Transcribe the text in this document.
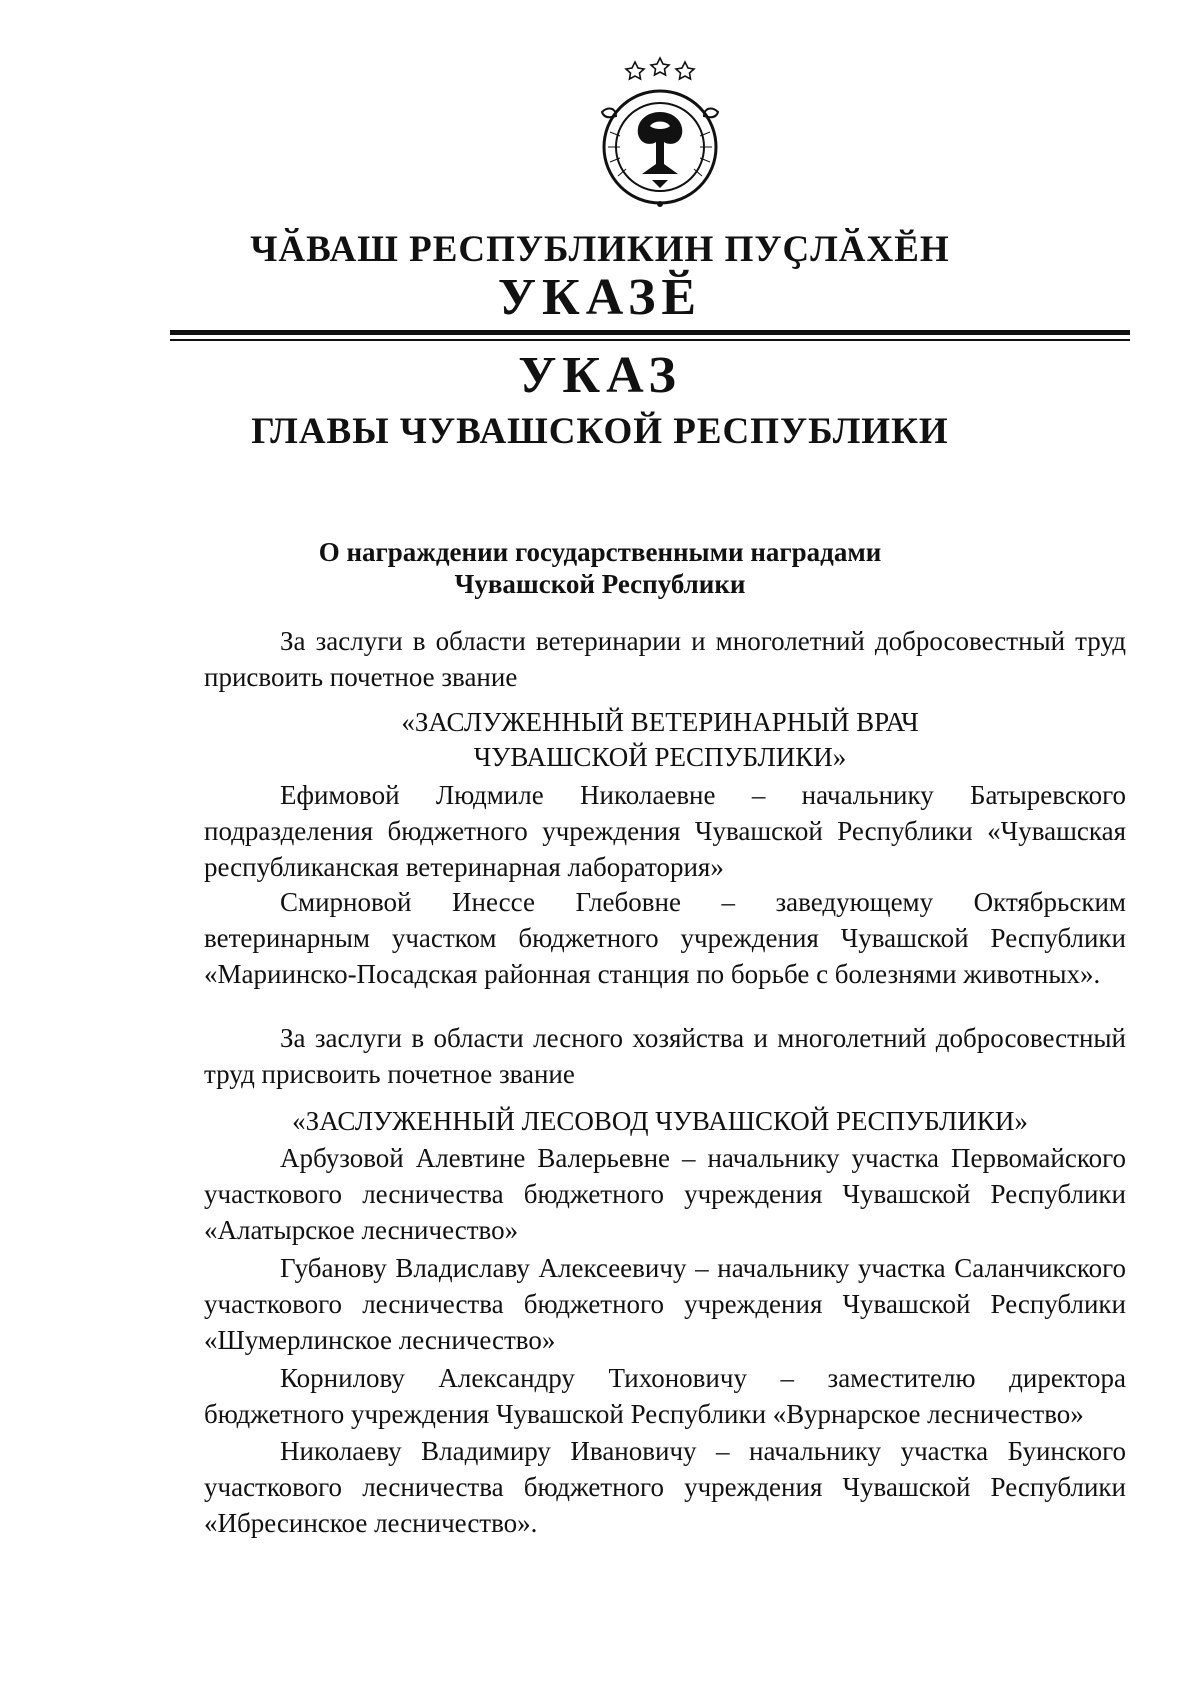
ЧӐВАШ РЕСПУБЛИКИН ПУҪЛӐХӖН
УКАЗӖ
УКАЗ
ГЛАВЫ ЧУВАШСКОЙ РЕСПУБЛИКИ
О награждении государственными наградами
Чувашской Республики

За заслуги в области ветеринарии и многолетний добросовестный труд присвоить почетное звание

«ЗАСЛУЖЕННЫЙ ВЕТЕРИНАРНЫЙ ВРАЧ
ЧУВАШСКОЙ РЕСПУБЛИКИ»

Ефимовой Людмиле Николаевне – начальнику Батыревского подразделения бюджетного учреждения Чувашской Республики «Чувашская республиканская ветеринарная лаборатория»

Смирновой Инессе Глебовне – заведующему Октябрьским ветеринарным участком бюджетного учреждения Чувашской Республики «Мариинско-Посадская районная станция по борьбе с болезнями животных».

За заслуги в области лесного хозяйства и многолетний добросовестный труд присвоить почетное звание

«ЗАСЛУЖЕННЫЙ ЛЕСОВОД ЧУВАШСКОЙ РЕСПУБЛИКИ»

Арбузовой Алевтине Валерьевне – начальнику участка Первомайского участкового лесничества бюджетного учреждения Чувашской Республики «Алатырское лесничество»

Губанову Владиславу Алексеевичу – начальнику участка Саланчикского участкового лесничества бюджетного учреждения Чувашской Республики «Шумерлинское лесничество»

Корнилову Александру Тихоновичу – заместителю директора бюджетного учреждения Чувашской Республики «Вурнарское лесничество»

Николаеву Владимиру Ивановичу – начальнику участка Буинского участкового лесничества бюджетного учреждения Чувашской Республики «Ибресинское лесничество».
